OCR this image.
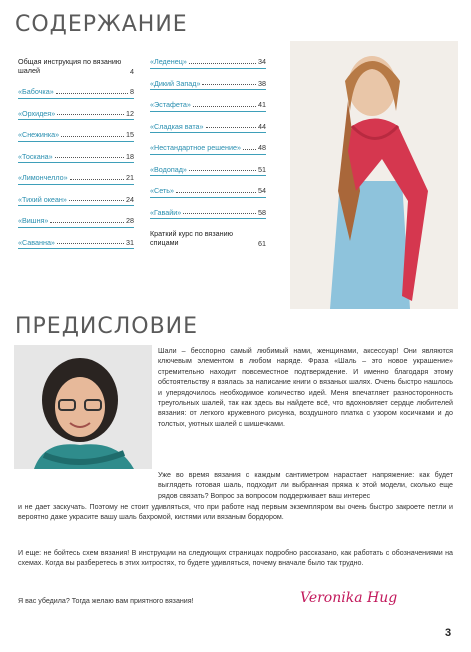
СОДЕРЖАНИЕ
Общая инструкция по вязанию шалей	4
«Бабочка»	8
«Орхидея»	12
«Снежинка»	15
«Тоскана»	18
«Лимончелло»	21
«Тихий океан»	24
«Вишня»	28
«Саванна»	31
«Леденец»	34
«Дикий Запад»	38
«Эстафета»	41
«Сладкая вата»	44
«Нестандартное решение» 48
«Водопад»	51
«Сеть»	54
«Гавайи»	58
Краткий курс по вязанию спицами	61
ПРЕДИСЛОВИЕ

Шали – бесспорно самый любимый нами, женщинами, аксессуар! Они являются ключевым элементом в любом наряде. Фраза «Шаль – это новое украшение» стремительно находит повсеместное подтверждение. И именно благодаря этому обстоятельству я взялась за написание книги о вязаных шалях. Очень быстро нашлось и уперядочилось необходимое количество идей. Меня впечатляет разносторонность треугольных шалей, так как здесь вы найдете всё, что вдохновляет сердце любителей вязания: от легкого кружевного рисунка, воздушного платка с узором косичками и до толстых, уютных шалей с шишечками.

Уже во время вязания с каждым сантиметром нарастает напряжение: как будет выглядеть готовая шаль, подходит ли выбранная пряжа к этой модели, сколько еще рядов связать? Вопрос за вопросом поддерживает ваш интерес

и не дает заскучать. Поэтому не стоит удивляться, что при работе над первым экземпляром вы очень быстро закроете петли и вероятно даже украсите вашу шаль бахромой, кистями или вязаным бордюром.

И еще: не бойтесь схем вязания! В инструкции на следующих страницах подробно рассказано, как работать с обозначениями на схемах. Когда вы разберетесь в этих хитростях, то будете удивляться, почему вначале было так трудно.

Я вас убедила? Тогда желаю вам приятного вязания!	Veronika Hug
3
